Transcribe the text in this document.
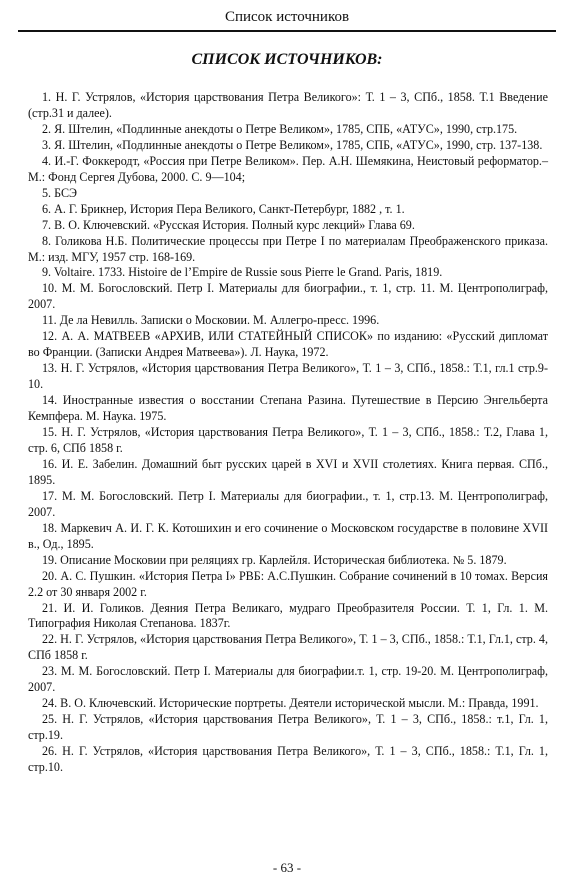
Список источников
СПИСОК ИСТОЧНИКОВ:

1. Н. Г. Устрялов, «История царствования Петра Великого»: Т. 1 – 3, СПб., 1858. Т.1 Введение (стр.31 и далее).

2. Я. Штелин, «Подлинные анекдоты о Петре Великом», 1785, СПБ, «АТУС», 1990, стр.175.

3. Я. Штелин, «Подлинные анекдоты о Петре Великом», 1785, СПБ, «АТУС», 1990, стр. 137-138.

4. И.-Г. Фоккеродт, «Россия при Петре Великом». Пер. А.Н. Шемякина, Неистовый реформатор.– М.: Фонд Сергея Дубова, 2000. С. 9—104;

5. БСЭ

6. А. Г. Брикнер, История Пера Великого, Санкт-Петербург, 1882 , т. 1.

7. В. О. Ключевский. «Русская История. Полный курс лекций» Глава 69.

8. Голикова Н.Б. Политические процессы при Петре I по материалам Преображенского приказа. М.: изд. МГУ, 1957 стр. 168-169.

9. Voltaire. 1733. Histoire de l’Empire de Russie sous Pierre le Grand. Paris, 1819.

10. М. М. Богословский. Петр I. Материалы для биографии., т. 1, стр. 11. М. Центрополиграф, 2007.

11. Де ла Невилль. Записки о Московии. М. Аллегро-пресс. 1996.

12. А. А. МАТВЕЕВ «АРХИВ, ИЛИ СТАТЕЙНЫЙ СПИСОК» по изданию: «Русский дипломат во Франции. (Записки Андрея Матвеева»). Л. Наука, 1972.

13. Н. Г. Устрялов, «История царствования Петра Великого», Т. 1 – 3, СПб., 1858.: Т.1, гл.1 стр.9-10.

14. Иностранные известия о восстании Степана Разина. Путешествие в Персию Энгельберта Кемпфера. М. Наука. 1975.

15. Н. Г. Устрялов, «История царствования Петра Великого», Т. 1 – 3, СПб., 1858.: Т.2, Глава 1, стр. 6, СПб 1858 г.

16. И. Е. Забелин. Домашний быт русских царей в XVI и XVII столетиях. Книга первая. СПб., 1895.

17. М. М. Богословский. Петр I. Материалы для биографии., т. 1, стр.13. М. Центрополиграф, 2007.

18. Маркевич А. И. Г. К. Котошихин и его сочинение о Московском государстве в половине XVII в., Од., 1895.

19. Описание Московии при реляциях гр. Карлейля. Историческая библиотека. № 5. 1879.

20. А. С. Пушкин. «История Петра I» РВБ: А.С.Пушкин. Собрание сочинений в 10 томах. Версия 2.2 от 30 января 2002 г.

21. И. И. Голиков. Деяния Петра Великаго, мудраго Преобразителя России. Т. 1, Гл. 1. М. Типография Николая Степанова. 1837г.

22. Н. Г. Устрялов, «История царствования Петра Великого», Т. 1 – 3, СПб., 1858.: Т.1, Гл.1, стр. 4, СПб 1858 г.

23. М. М. Богословский. Петр I. Материалы для биографии.т. 1, стр. 19-20. М. Центрополиграф, 2007.

24. В. О. Ключевский. Исторические портреты. Деятели исторической мысли. М.: Правда, 1991.

25. Н. Г. Устрялов, «История царствования Петра Великого», Т. 1 – 3, СПб., 1858.: т.1, Гл. 1, стр.19.

26. Н. Г. Устрялов, «История царствования Петра Великого», Т. 1 – 3, СПб., 1858.: Т.1, Гл. 1, стр.10.

- 63 -
